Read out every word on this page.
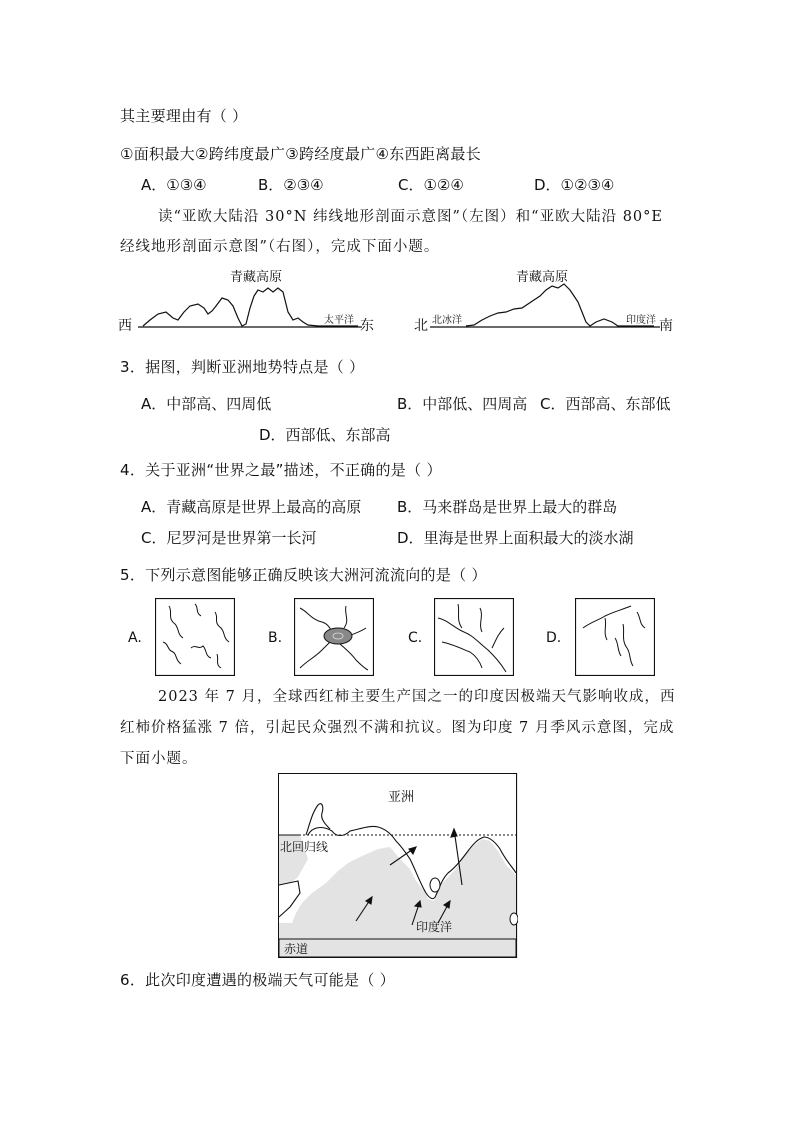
其主要理由有（ ）
①面积最大②跨纬度最广③跨经度最广④东西距离最长
A．①③④	B．②③④	C．①②④	D．①②③④
读“亚欧大陆沿 30°N 纬线地形剖面示意图”（左图）和“亚欧大陆沿 80°E
经线地形剖面示意图”（右图），完成下面小题。
青藏高原
西	东
太平洋
青藏高原
北	南
北冰洋	印度洋
3．据图，判断亚洲地势特点是（ ）
A．中部高、四周低	B．中部低、四周高 C．西部高、东部低
D．西部低、东部高
4．关于亚洲“世界之最”描述，不正确的是（ ）
A．青藏高原是世界上最高的高原 B．马来群岛是世界上最大的群岛
C．尼罗河是世界第一长河	D．里海是世界上面积最大的淡水湖
5．下列示意图能够正确反映该大洲河流流向的是（ ）
A.	B.	C.	D.
2023 年 7 月，全球西红柿主要生产国之一的印度因极端天气影响收成，西
红柿价格猛涨 7 倍，引起民众强烈不满和抗议。图为印度 7 月季风示意图，完成
下面小题。
亚洲
北回归线
印度洋
赤道
6．此次印度遭遇的极端天气可能是（ ）
